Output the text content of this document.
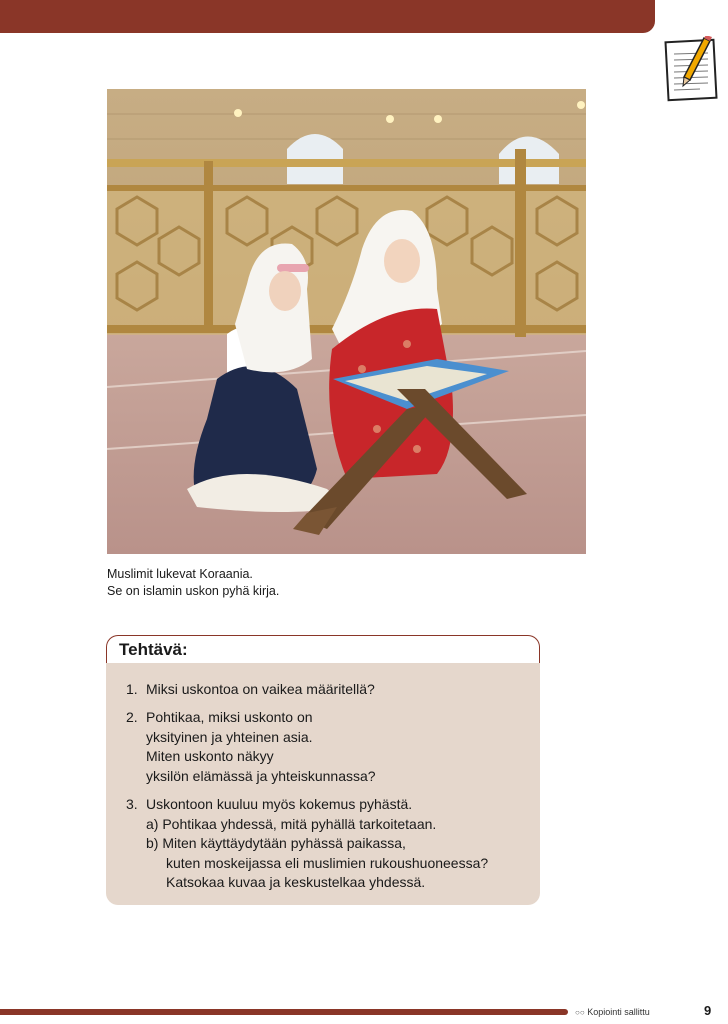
Muslimit lukevat Koraania.
Se on islamin uskon pyhä kirja.
Tehtävä:
1. Miksi uskontoa on vaikea määritellä?
2. Pohtikaa, miksi uskonto on
yksityinen ja yhteinen asia.
Miten uskonto näkyy
yksilön elämässä ja yhteiskunnassa?
3. Uskontoon kuuluu myös kokemus pyhästä.
a) Pohtikaa yhdessä, mitä pyhällä tarkoitetaan.
b) Miten käyttäydytään pyhässä paikassa,
kuten moskeijassa eli muslimien rukoushuoneessa?
Katsokaa kuvaa ja keskustelkaa yhdessä.
○○ Kopiointi sallittu	9
